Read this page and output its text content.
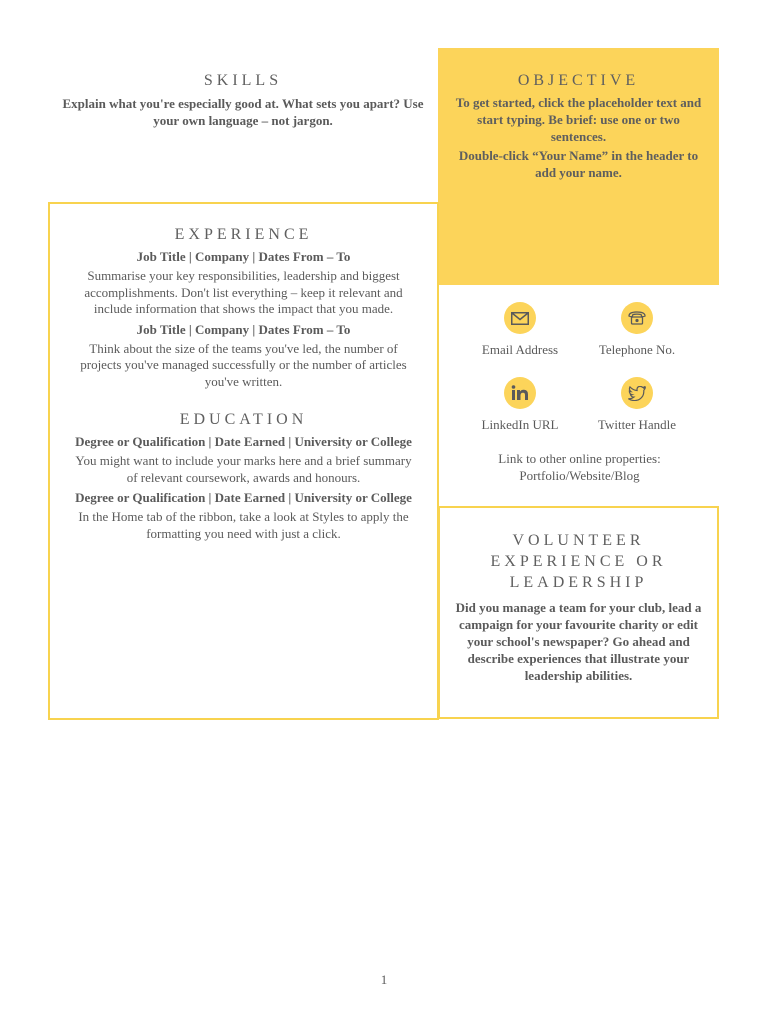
SKILLS

Explain what you're especially good at. What sets you apart? Use your own language – not jargon.

OBJECTIVE

To get started, click the placeholder text and start typing. Be brief: use one or two sentences.

Double-click “Your Name” in the header to add your name.

EXPERIENCE

Job Title | Company | Dates From – To

Summarise your key responsibilities, leadership and biggest accomplishments. Don't list everything – keep it relevant and include information that shows the impact that you made.

Job Title | Company | Dates From – To

Think about the size of the teams you've led, the number of projects you've managed successfully or the number of articles you've written.

EDUCATION

Degree or Qualification | Date Earned | University or College

You might want to include your marks here and a brief summary of relevant coursework, awards and honours.

Degree or Qualification | Date Earned | University or College

In the Home tab of the ribbon, take a look at Styles to apply the formatting you need with just a click.

Email Address	Telephone No.
LinkedIn URL	Twitter Handle

Link to other online properties:

Portfolio/Website/Blog

VOLUNTEER EXPERIENCE OR LEADERSHIP

Did you manage a team for your club, lead a campaign for your favourite charity or edit your school's newspaper? Go ahead and describe experiences that illustrate your leadership abilities.

1
